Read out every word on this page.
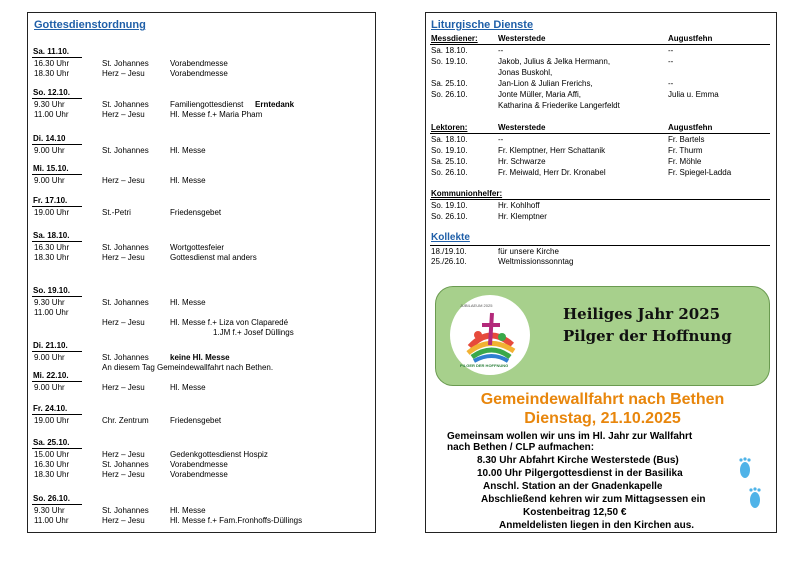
Gottesdienstordnung
Sa. 11.10.
16.30 Uhr	St. Johannes	Vorabendmesse
18.30 Uhr	Herz – Jesu	Vorabendmesse
So. 12.10.
9.30 Uhr	St. Johannes	Familiengottesdienst Erntedank
11.00 Uhr	Herz – Jesu	Hl. Messe f.+ Maria Pham
Di. 14.10
9.00 Uhr	St. Johannes	Hl. Messe
Mi. 15.10.
9.00 Uhr	Herz – Jesu	Hl. Messe
Fr. 17.10.
19.00 Uhr	St.-Petri	Friedensgebet
Sa. 18.10.
16.30 Uhr	St. Johannes	Wortgottesfeier
18.30 Uhr	Herz – Jesu	Gottesdienst mal anders
So. 19.10.
9.30 Uhr	St. Johannes	Hl. Messe
11.00 Uhr
Herz – Jesu	Hl. Messe f.+ Liza von Claparedé
1.JM f.+ Josef Düllings
Di. 21.10.
9.00 Uhr	St. Johannes	keine Hl. Messe
An diesem Tag Gemeindewallfahrt nach Bethen.
Mi. 22.10.
9.00 Uhr	Herz – Jesu	Hl. Messe
Fr. 24.10.
19.00 Uhr	Chr. Zentrum	Friedensgebet
Sa. 25.10.
15.00 Uhr	Herz – Jesu	Gedenkgottesdienst Hospiz
16.30 Uhr	St. Johannes	Vorabendmesse
18.30 Uhr	Herz – Jesu	Vorabendmesse
So. 26.10.
9.30 Uhr	St. Johannes	Hl. Messe
11.00 Uhr	Herz – Jesu	Hl. Messe f.+ Fam.Fronhoffs-Düllings
Liturgische Dienste
Messdiener:	Westerstede	Augustfehn
Sa. 18.10.	--	--
So. 19.10.	Jakob, Julius & Jelka Hermann,	--
Jonas Buskohl,
Sa. 25.10.	Jan-Lion & Julian Frerichs,	--
So. 26.10.	Jonte Müller, Maria Affi,	Julia u. Emma
Katharina & Friederike Langerfeldt
Lektoren:	Westerstede	Augustfehn
Sa. 18.10.	--	Fr. Bartels
So. 19.10.	Fr. Klemptner, Herr Schattanik	Fr. Thurm
Sa. 25.10.	Hr. Schwarze	Fr. Möhle
So. 26.10.	Fr. Meiwald, Herr Dr. Kronabel	Fr. Spiegel-Ladda
Kommunionhelfer:
So. 19.10.	Hr. Kohlhoff
So. 26.10.	Hr. Klemptner
Kollekte
18./19.10.	für unsere Kirche
25./26.10.	Weltmissionssonntag
JUBILAEUM 2025
PILGER DER HOFFNUNG
Heiliges Jahr 2025
Pilger der Hoffnung
Gemeindewallfahrt nach Bethen
Dienstag, 21.10.2025
Gemeinsam wollen wir uns im Hl. Jahr zur Wallfahrt
nach Bethen / CLP aufmachen:
8.30 Uhr Abfahrt Kirche Westerstede (Bus)
10.00 Uhr Pilgergottesdienst in der Basilika
Anschl. Station an der Gnadenkapelle
Abschließend kehren wir zum Mittagsessen ein
Kostenbeitrag 12,50 €
Anmeldelisten liegen in den Kirchen aus.
